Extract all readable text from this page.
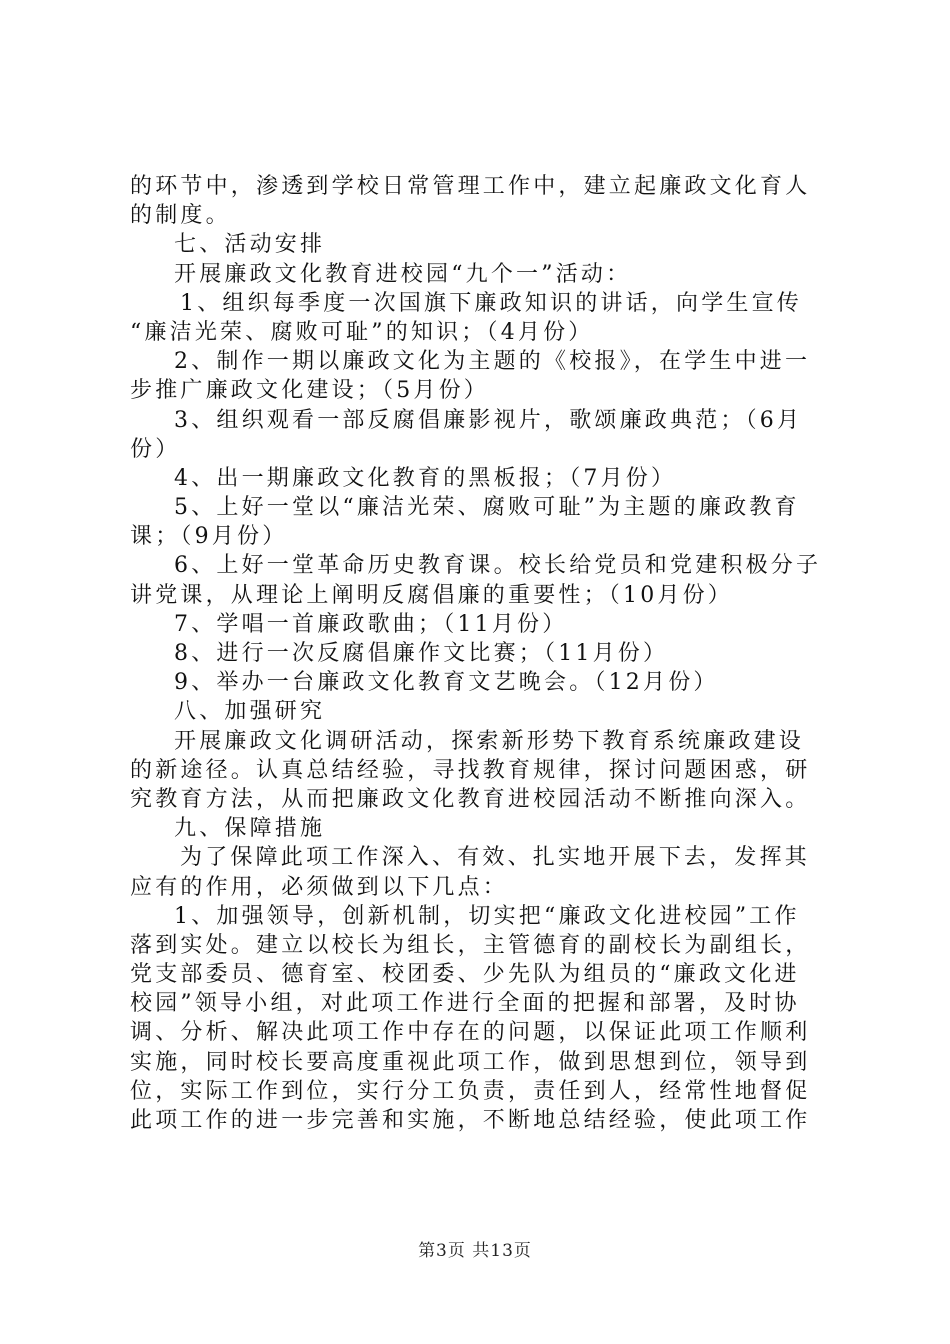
的环节中，渗透到学校日常管理工作中，建立起廉政文化育人
的制度。
七、活动安排
开展廉政文化教育进校园“九个一”活动：
1、组织每季度一次国旗下廉政知识的讲话，向学生宣传
“廉洁光荣、腐败可耻”的知识；（4月份）
2、制作一期以廉政文化为主题的《校报》，在学生中进一
步推广廉政文化建设；（5月份）
3、组织观看一部反腐倡廉影视片，歌颂廉政典范；（6月
份）
4、出一期廉政文化教育的黑板报；（7月份）
5、上好一堂以“廉洁光荣、腐败可耻”为主题的廉政教育
课；（9月份）
6、上好一堂革命历史教育课。校长给党员和党建积极分子
讲党课，从理论上阐明反腐倡廉的重要性；（10月份）
7、学唱一首廉政歌曲；（11月份）
8、进行一次反腐倡廉作文比赛；（11月份）
9、举办一台廉政文化教育文艺晚会。（12月份）
八、加强研究
开展廉政文化调研活动，探索新形势下教育系统廉政建设
的新途径。认真总结经验，寻找教育规律，探讨问题困惑，研
究教育方法，从而把廉政文化教育进校园活动不断推向深入。
九、保障措施
为了保障此项工作深入、有效、扎实地开展下去，发挥其
应有的作用，必须做到以下几点：
1、加强领导，创新机制，切实把“廉政文化进校园”工作
落到实处。建立以校长为组长，主管德育的副校长为副组长，
党支部委员、德育室、校团委、少先队为组员的“廉政文化进
校园”领导小组，对此项工作进行全面的把握和部署，及时协
调、分析、解决此项工作中存在的问题，以保证此项工作顺利
实施，同时校长要高度重视此项工作，做到思想到位，领导到
位，实际工作到位，实行分工负责，责任到人，经常性地督促
此项工作的进一步完善和实施，不断地总结经验，使此项工作
第3页 共13页
